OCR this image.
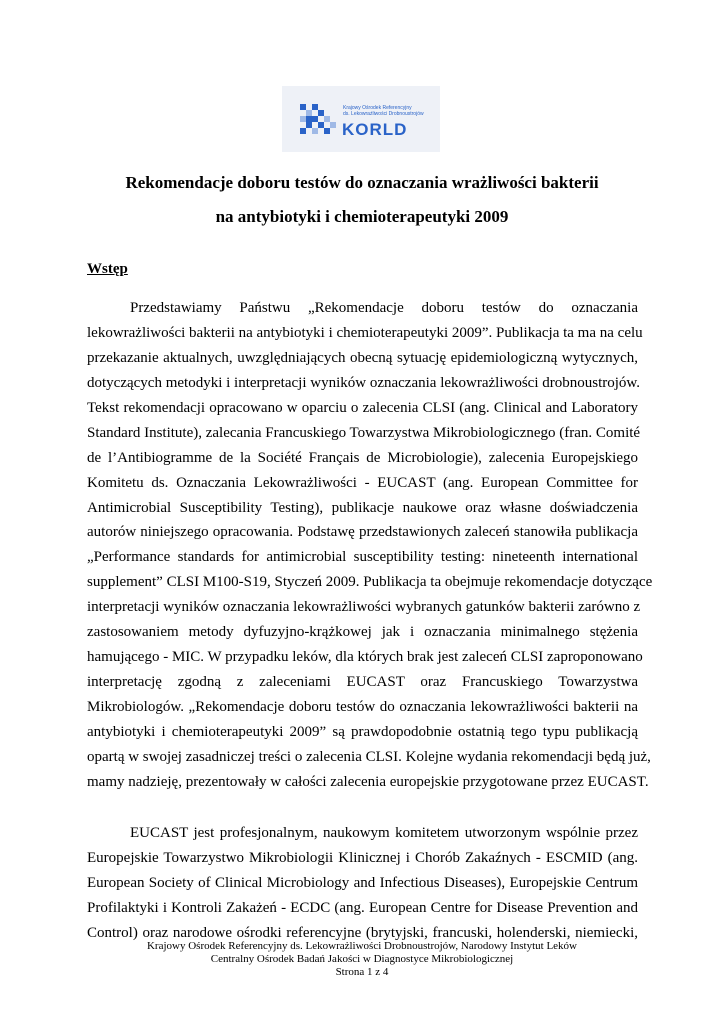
Krajowy Ośrodek Referencyjny
ds. Lekowrażliwości Drobnoustrojów
KORLD
Rekomendacje doboru testów do oznaczania wrażliwości bakterii
na antybiotyki i chemioterapeutyki 2009
Wstęp
Przedstawiamy Państwu „Rekomendacje doboru testów do oznaczania
lekowrażliwości bakterii na antybiotyki i chemioterapeutyki 2009”. Publikacja ta ma na celu
przekazanie aktualnych, uwzględniających obecną sytuację epidemiologiczną wytycznych,
dotyczących metodyki i interpretacji wyników oznaczania lekowrażliwości drobnoustrojów.
Tekst rekomendacji opracowano w oparciu o zalecenia CLSI (ang. Clinical and Laboratory
Standard Institute), zalecania Francuskiego Towarzystwa Mikrobiologicznego (fran. Comité
de l’Antibiogramme de la Société Français de Microbiologie), zalecenia Europejskiego
Komitetu ds. Oznaczania Lekowrażliwości - EUCAST (ang. European Committee for
Antimicrobial Susceptibility Testing), publikacje naukowe oraz własne doświadczenia
autorów niniejszego opracowania. Podstawę przedstawionych zaleceń stanowiła publikacja
„Performance standards for antimicrobial susceptibility testing: nineteenth international
supplement” CLSI M100-S19, Styczeń 2009. Publikacja ta obejmuje rekomendacje dotyczące
interpretacji wyników oznaczania lekowrażliwości wybranych gatunków bakterii zarówno z
zastosowaniem metody dyfuzyjno-krążkowej jak i oznaczania minimalnego stężenia
hamującego - MIC. W przypadku leków, dla których brak jest zaleceń CLSI zaproponowano
interpretację zgodną z zaleceniami EUCAST oraz Francuskiego Towarzystwa
Mikrobiologów. „Rekomendacje doboru testów do oznaczania lekowrażliwości bakterii na
antybiotyki i chemioterapeutyki 2009” są prawdopodobnie ostatnią tego typu publikacją
opartą w swojej zasadniczej treści o zalecenia CLSI. Kolejne wydania rekomendacji będą już,
mamy nadzieję, prezentowały w całości zalecenia europejskie przygotowane przez EUCAST.
EUCAST jest profesjonalnym, naukowym komitetem utworzonym wspólnie przez
Europejskie Towarzystwo Mikrobiologii Klinicznej i Chorób Zakaźnych - ESCMID (ang.
European Society of Clinical Microbiology and Infectious Diseases), Europejskie Centrum
Profilaktyki i Kontroli Zakażeń - ECDC (ang. European Centre for Disease Prevention and
Control) oraz narodowe ośrodki referencyjne (brytyjski, francuski, holenderski, niemiecki,
Krajowy Ośrodek Referencyjny ds. Lekowrażliwości Drobnoustrojów, Narodowy Instytut Leków
Centralny Ośrodek Badań Jakości w Diagnostyce Mikrobiologicznej
Strona 1 z 4
